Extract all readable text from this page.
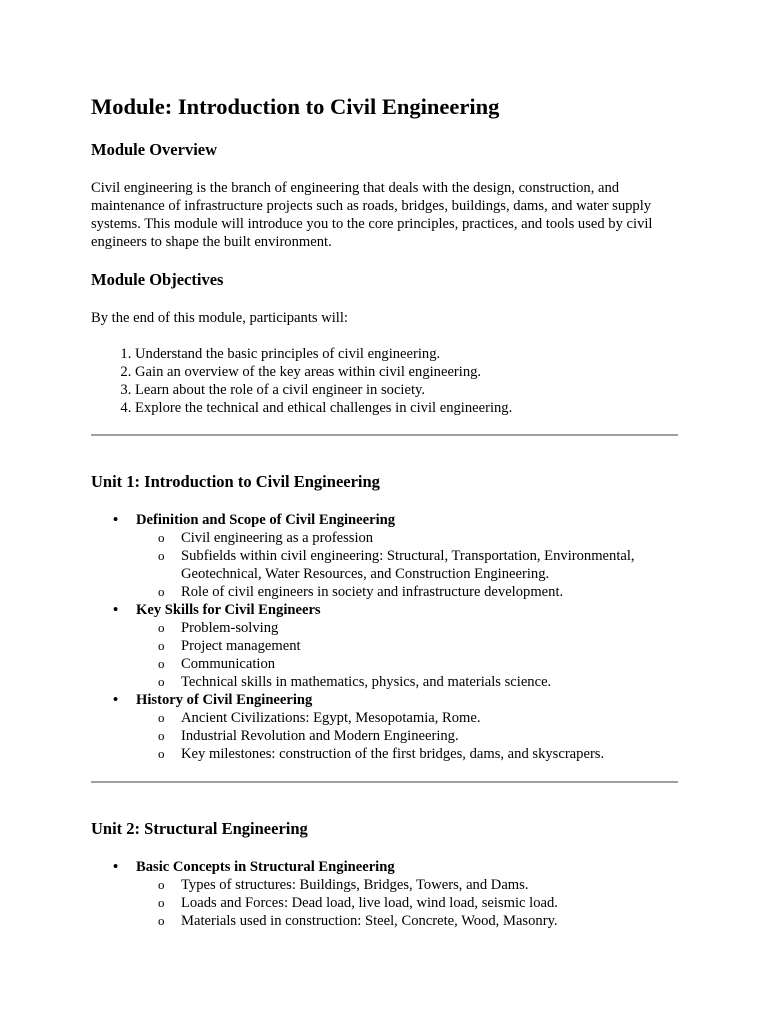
Module: Introduction to Civil Engineering
Module Overview

Civil engineering is the branch of engineering that deals with the design, construction, and maintenance of infrastructure projects such as roads, bridges, buildings, dams, and water supply systems. This module will introduce you to the core principles, practices, and tools used by civil engineers to shape the built environment.

Module Objectives

By the end of this module, participants will:

1. Understand the basic principles of civil engineering.
2. Gain an overview of the key areas within civil engineering.
3. Learn about the role of a civil engineer in society.
4. Explore the technical and ethical challenges in civil engineering.
Unit 1: Introduction to Civil Engineering
• Definition and Scope of Civil Engineering
o Civil engineering as a profession
o Subfields within civil engineering: Structural, Transportation, Environmental, Geotechnical, Water Resources, and Construction Engineering.
o Role of civil engineers in society and infrastructure development.
• Key Skills for Civil Engineers
o Problem-solving
o Project management
o Communication
o Technical skills in mathematics, physics, and materials science.
• History of Civil Engineering
o Ancient Civilizations: Egypt, Mesopotamia, Rome.
o Industrial Revolution and Modern Engineering.
o Key milestones: construction of the first bridges, dams, and skyscrapers.
Unit 2: Structural Engineering
• Basic Concepts in Structural Engineering
o Types of structures: Buildings, Bridges, Towers, and Dams.
o Loads and Forces: Dead load, live load, wind load, seismic load.
o Materials used in construction: Steel, Concrete, Wood, Masonry.
